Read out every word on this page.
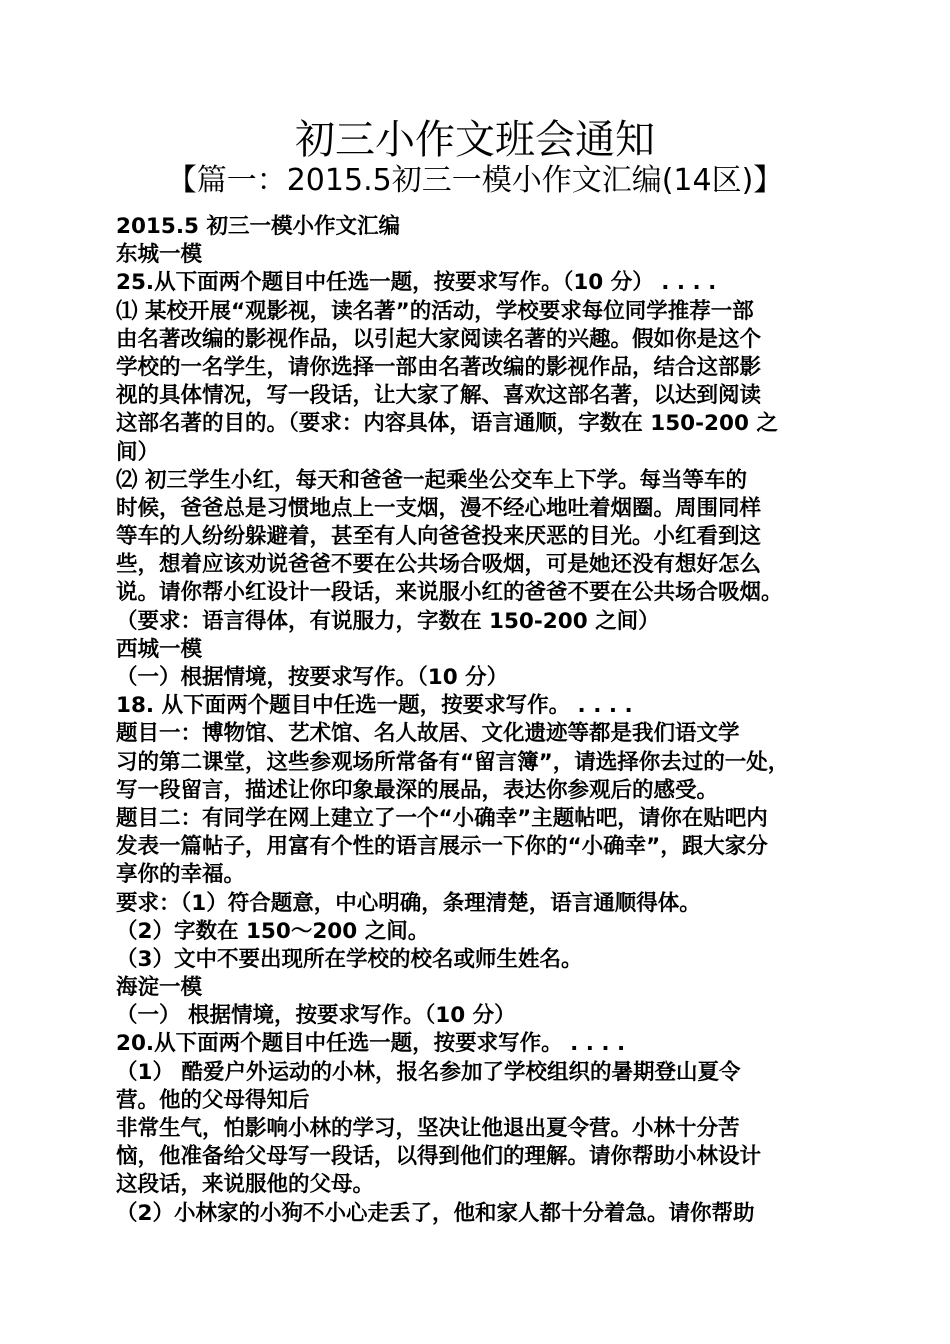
初三小作文班会通知
【篇一：2015.5初三一模小作文汇编(14区)】
2015.5 初三一模小作文汇编
东城一模
25.从下面两个题目中任选一题，按要求写作。（10 分） . . . .
⑴ 某校开展“观影视，读名著”的活动，学校要求每位同学推荐一部
由名著改编的影视作品，以引起大家阅读名著的兴趣。假如你是这个
学校的一名学生，请你选择一部由名著改编的影视作品，结合这部影
视的具体情况，写一段话，让大家了解、喜欢这部名著，以达到阅读
这部名著的目的。（要求：内容具体，语言通顺，字数在 150-200 之
间）
⑵ 初三学生小红，每天和爸爸一起乘坐公交车上下学。每当等车的
时候，爸爸总是习惯地点上一支烟，漫不经心地吐着烟圈。周围同样
等车的人纷纷躲避着，甚至有人向爸爸投来厌恶的目光。小红看到这
些，想着应该劝说爸爸不要在公共场合吸烟，可是她还没有想好怎么
说。请你帮小红设计一段话，来说服小红的爸爸不要在公共场合吸烟。
（要求：语言得体，有说服力，字数在 150-200 之间）
西城一模
（一）根据情境，按要求写作。（10 分）
18. 从下面两个题目中任选一题，按要求写作。 . . . .
题目一：博物馆、艺术馆、名人故居、文化遗迹等都是我们语文学
习的第二课堂，这些参观场所常备有“留言簿”，请选择你去过的一处，
写一段留言，描述让你印象最深的展品，表达你参观后的感受。
题目二：有同学在网上建立了一个“小确幸”主题帖吧，请你在贴吧内
发表一篇帖子，用富有个性的语言展示一下你的“小确幸”，跟大家分
享你的幸福。
要求：（1）符合题意，中心明确，条理清楚，语言通顺得体。
（2）字数在 150～200 之间。
（3）文中不要出现所在学校的校名或师生姓名。
海淀一模
（一） 根据情境，按要求写作。（10 分）
20.从下面两个题目中任选一题，按要求写作。 . . . .
（1） 酷爱户外运动的小林，报名参加了学校组织的暑期登山夏令
营。他的父母得知后
非常生气，怕影响小林的学习，坚决让他退出夏令营。小林十分苦
恼，他准备给父母写一段话，以得到他们的理解。请你帮助小林设计
这段话，来说服他的父母。
（2）小林家的小狗不小心走丢了，他和家人都十分着急。请你帮助
